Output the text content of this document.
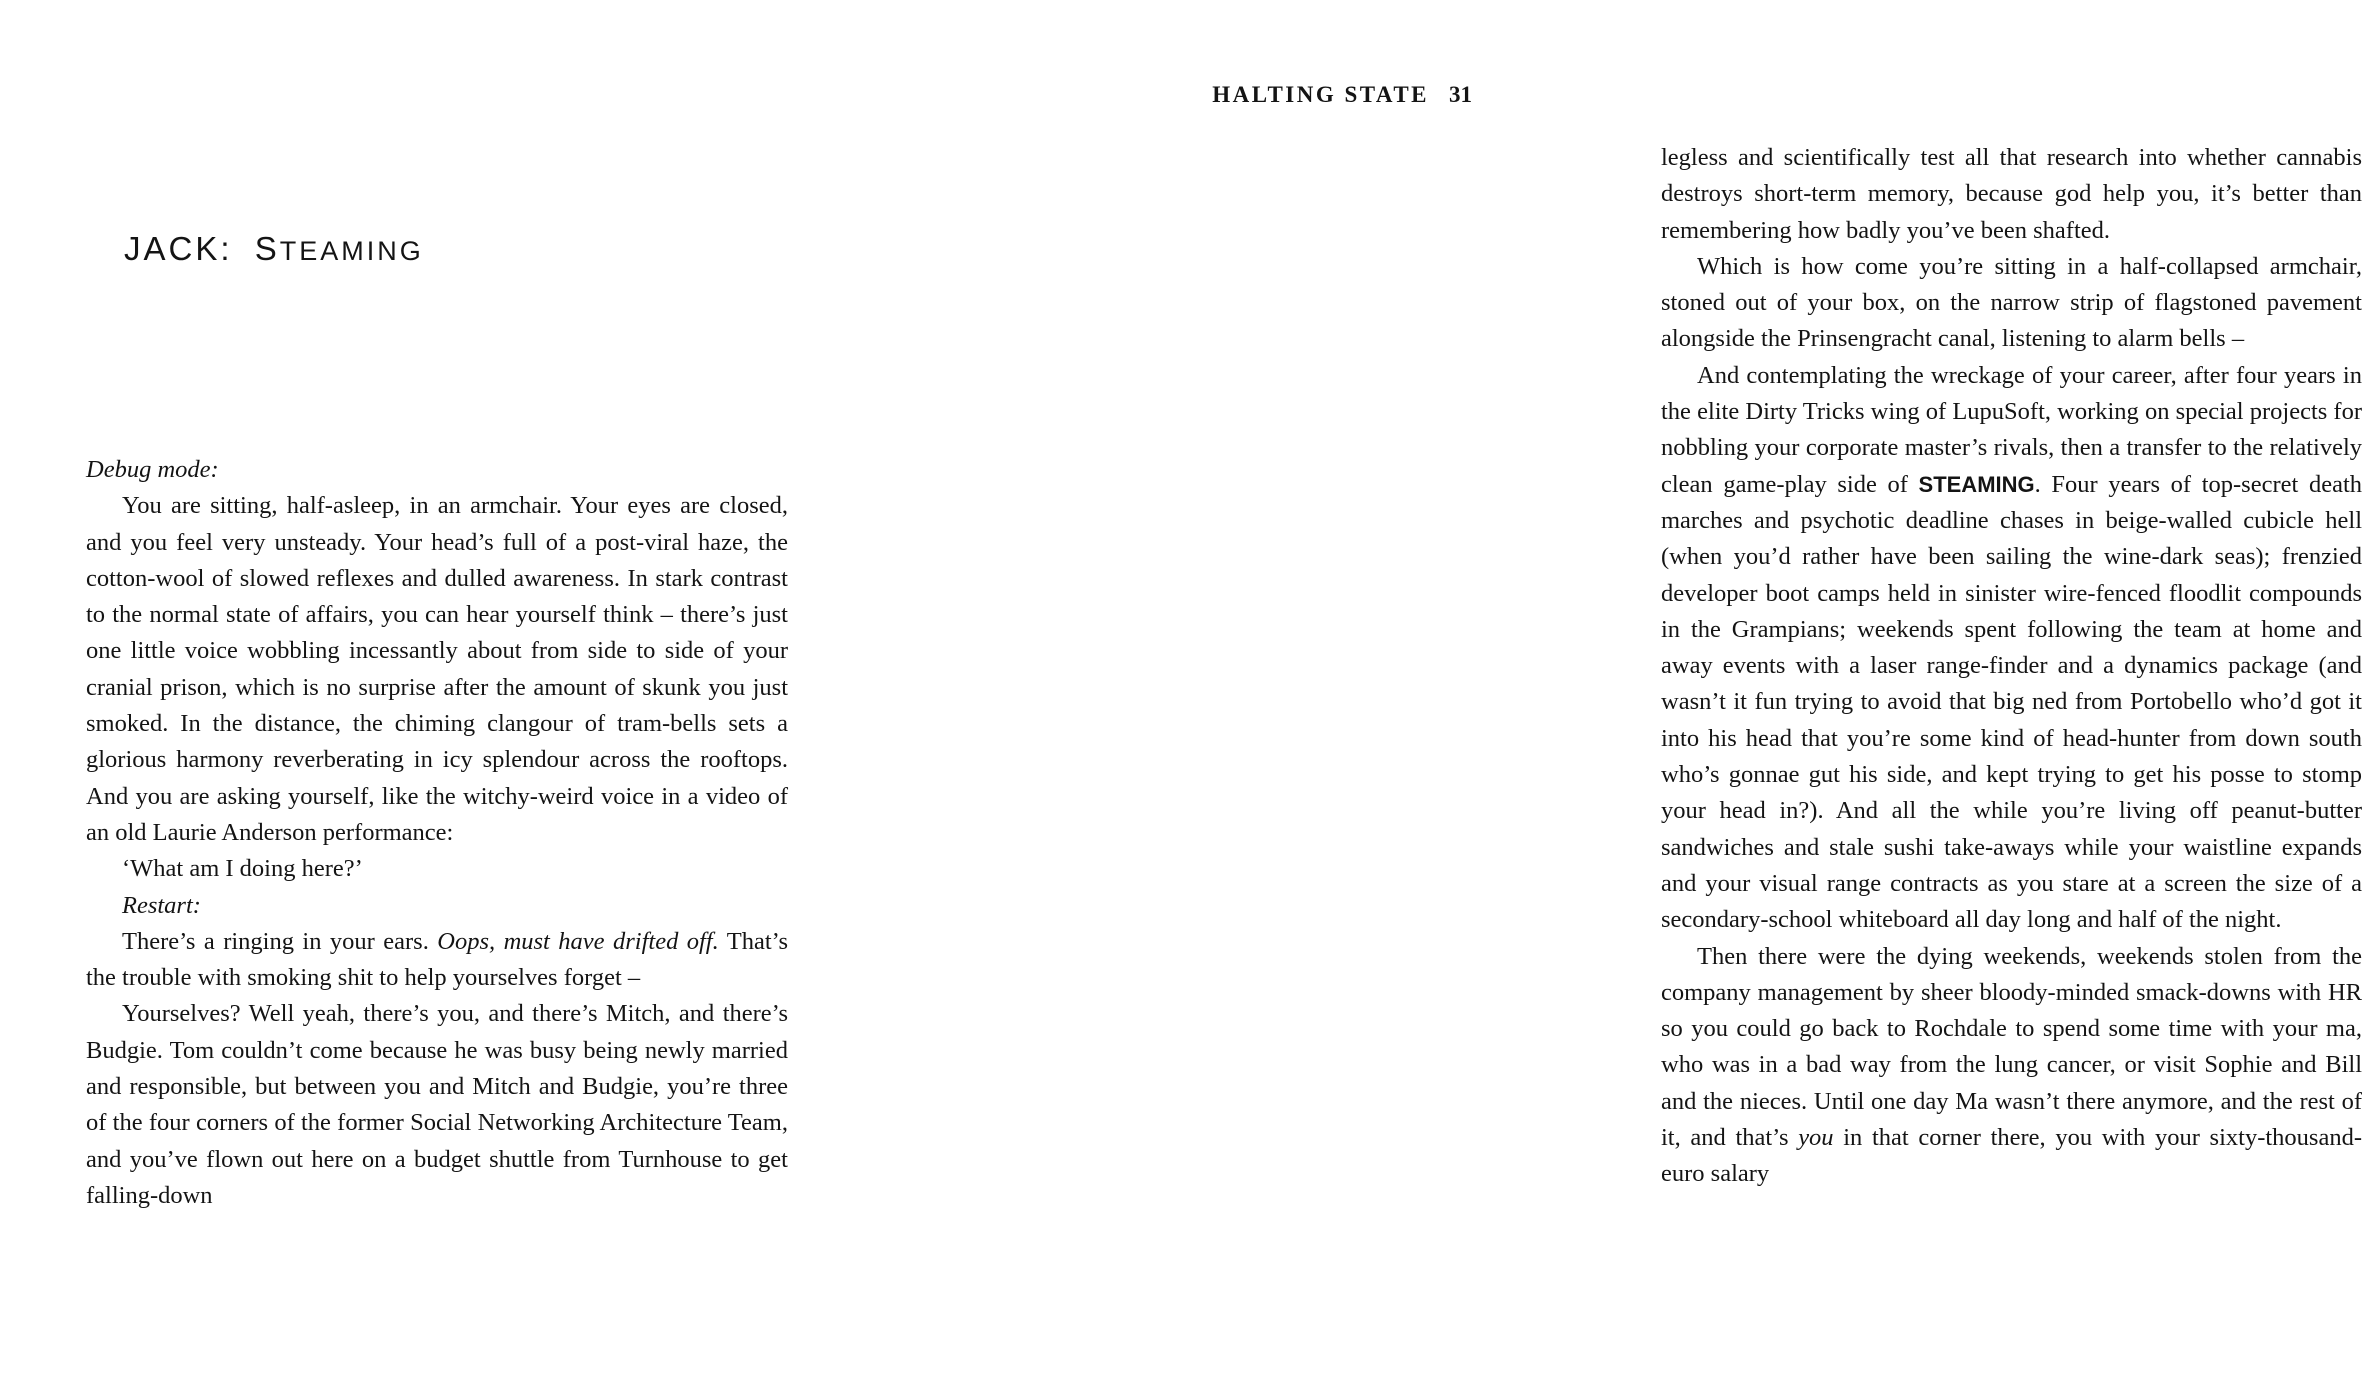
JACK: STEAMING

Debug mode:

You are sitting, half-asleep, in an armchair. Your eyes are closed, and you feel very unsteady. Your head’s full of a post-viral haze, the cotton-wool of slowed reflexes and dulled awareness. In stark contrast to the normal state of affairs, you can hear yourself think – there’s just one little voice wobbling incessantly about from side to side of your cranial prison, which is no surprise after the amount of skunk you just smoked. In the distance, the chiming clangour of tram-bells sets a glorious harmony reverberating in icy splendour across the rooftops. And you are asking yourself, like the witchy-weird voice in a video of an old Laurie Anderson performance:

‘What am I doing here?’

Restart:

There’s a ringing in your ears. Oops, must have drifted off. That’s the trouble with smoking shit to help yourselves forget –

Yourselves? Well yeah, there’s you, and there’s Mitch, and there’s Budgie. Tom couldn’t come because he was busy being newly married and responsible, but between you and Mitch and Budgie, you’re three of the four corners of the former Social Networking Architecture Team, and you’ve flown out here on a budget shuttle from Turnhouse to get falling-down

HALTING STATE 31

legless and scientifically test all that research into whether cannabis destroys short-term memory, because god help you, it’s better than remembering how badly you’ve been shafted.

Which is how come you’re sitting in a half-collapsed armchair, stoned out of your box, on the narrow strip of flagstoned pavement alongside the Prinsengracht canal, listening to alarm bells –

And contemplating the wreckage of your career, after four years in the elite Dirty Tricks wing of LupuSoft, working on special projects for nobbling your corporate master’s rivals, then a transfer to the relatively clean game-play side of STEAMING. Four years of top-secret death marches and psychotic deadline chases in beige-walled cubicle hell (when you’d rather have been sailing the wine-dark seas); frenzied developer boot camps held in sinister wire-fenced floodlit compounds in the Grampians; weekends spent following the team at home and away events with a laser range-finder and a dynamics package (and wasn’t it fun trying to avoid that big ned from Portobello who’d got it into his head that you’re some kind of head-hunter from down south who’s gonnae gut his side, and kept trying to get his posse to stomp your head in?). And all the while you’re living off peanut-butter sandwiches and stale sushi take-aways while your waistline expands and your visual range contracts as you stare at a screen the size of a secondary-school whiteboard all day long and half of the night.

Then there were the dying weekends, weekends stolen from the company management by sheer bloody-minded smack-downs with HR so you could go back to Rochdale to spend some time with your ma, who was in a bad way from the lung cancer, or visit Sophie and Bill and the nieces. Until one day Ma wasn’t there anymore, and the rest of it, and that’s you in that corner there, you with your sixty-thousand-euro salary
